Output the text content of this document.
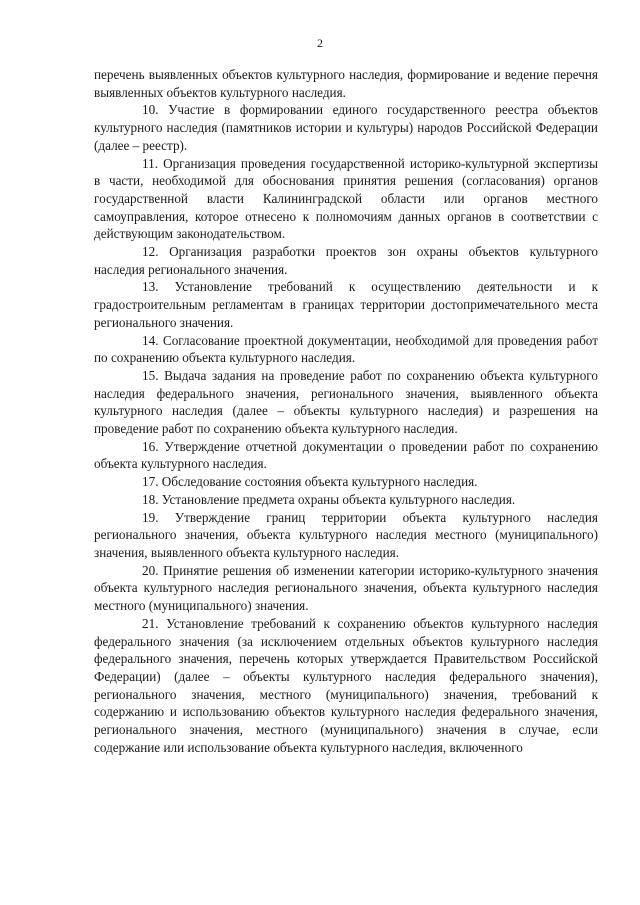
2

перечень выявленных объектов культурного наследия, формирование и ведение перечня выявленных объектов культурного наследия.

10. Участие в формировании единого государственного реестра объектов культурного наследия (памятников истории и культуры) народов Российской Федерации (далее – реестр).

11. Организация проведения государственной историко-культурной экспертизы в части, необходимой для обоснования принятия решения (согласования) органов государственной власти Калининградской области или органов местного самоуправления, которое отнесено к полномочиям данных органов в соответствии с действующим законодательством.

12. Организация разработки проектов зон охраны объектов культурного наследия регионального значения.

13. Установление требований к осуществлению деятельности и к градостроительным регламентам в границах территории достопримечательного места регионального значения.

14. Согласование проектной документации, необходимой для проведения работ по сохранению объекта культурного наследия.

15. Выдача задания на проведение работ по сохранению объекта культурного наследия федерального значения, регионального значения, выявленного объекта культурного наследия (далее – объекты культурного наследия) и разрешения на проведение работ по сохранению объекта культурного наследия.

16. Утверждение отчетной документации о проведении работ по сохранению объекта культурного наследия.

17. Обследование состояния объекта культурного наследия.

18. Установление предмета охраны объекта культурного наследия.

19. Утверждение границ территории объекта культурного наследия регионального значения, объекта культурного наследия местного (муниципального) значения, выявленного объекта культурного наследия.

20. Принятие решения об изменении категории историко-культурного значения объекта культурного наследия регионального значения, объекта культурного наследия местного (муниципального) значения.

21. Установление требований к сохранению объектов культурного наследия федерального значения (за исключением отдельных объектов культурного наследия федерального значения, перечень которых утверждается Правительством Российской Федерации) (далее – объекты культурного наследия федерального значения), регионального значения, местного (муниципального) значения, требований к содержанию и использованию объектов культурного наследия федерального значения, регионального значения, местного (муниципального) значения в случае, если содержание или использование объекта культурного наследия, включенного
